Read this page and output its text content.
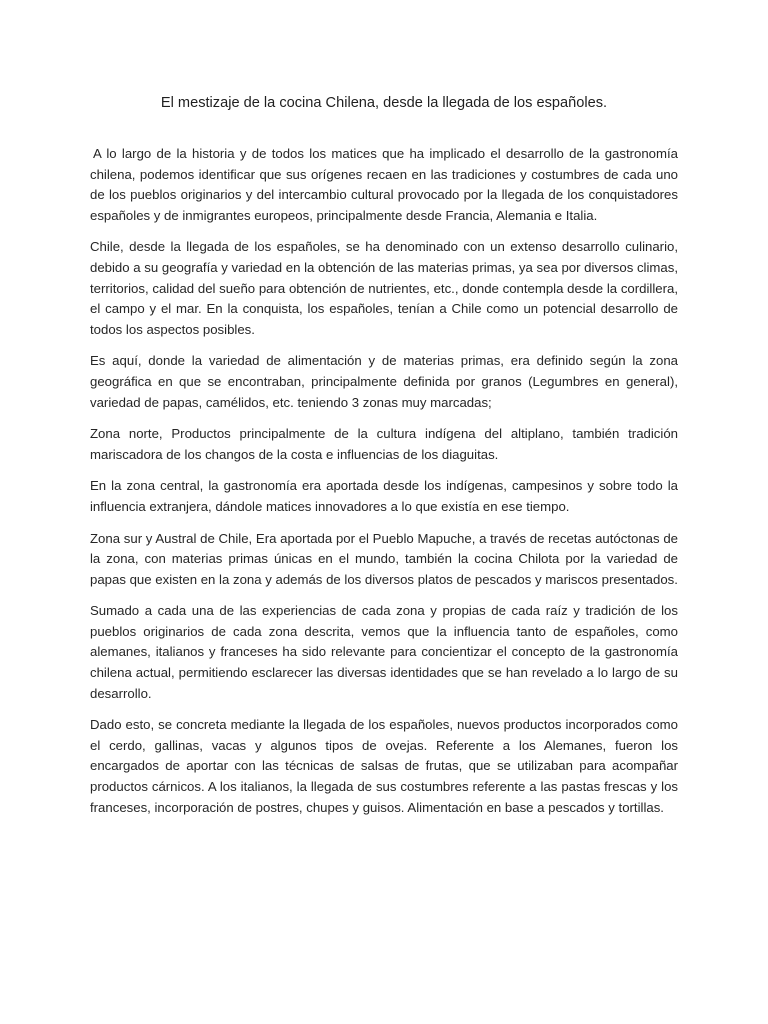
El mestizaje de la cocina Chilena, desde la llegada de los españoles.

A lo largo de la historia y de todos los matices que ha implicado el desarrollo de la gastronomía chilena, podemos identificar que sus orígenes recaen en las tradiciones y costumbres de cada uno de los pueblos originarios y del intercambio cultural provocado por la llegada de los conquistadores españoles y de inmigrantes europeos, principalmente desde Francia, Alemania e Italia.

Chile, desde la llegada de los españoles, se ha denominado con un extenso desarrollo culinario, debido a su geografía y variedad en la obtención de las materias primas, ya sea por diversos climas, territorios, calidad del sueño para obtención de nutrientes, etc., donde contempla desde la cordillera, el campo y el mar. En la conquista, los españoles, tenían a Chile como un potencial desarrollo de todos los aspectos posibles.

Es aquí, donde la variedad de alimentación y de materias primas, era definido según la zona geográfica en que se encontraban, principalmente definida por granos (Legumbres en general), variedad de papas, camélidos, etc. teniendo 3 zonas muy marcadas;

Zona norte, Productos principalmente de la cultura indígena del altiplano, también tradición mariscadora de los changos de la costa e influencias de los diaguitas.

En la zona central, la gastronomía era aportada desde los indígenas, campesinos y sobre todo la influencia extranjera, dándole matices innovadores a lo que existía en ese tiempo.

Zona sur y Austral de Chile, Era aportada por el Pueblo Mapuche, a través de recetas autóctonas de la zona, con materias primas únicas en el mundo, también la cocina Chilota por la variedad de papas que existen en la zona y además de los diversos platos de pescados y mariscos presentados.

Sumado a cada una de las experiencias de cada zona y propias de cada raíz y tradición de los pueblos originarios de cada zona descrita, vemos que la influencia tanto de españoles, como alemanes, italianos y franceses ha sido relevante para concientizar el concepto de la gastronomía chilena actual, permitiendo esclarecer las diversas identidades que se han revelado a lo largo de su desarrollo.

Dado esto, se concreta mediante la llegada de los españoles, nuevos productos incorporados como el cerdo, gallinas, vacas y algunos tipos de ovejas. Referente a los Alemanes, fueron los encargados de aportar con las técnicas de salsas de frutas, que se utilizaban para acompañar productos cárnicos. A los italianos, la llegada de sus costumbres referente a las pastas frescas y los franceses, incorporación de postres, chupes y guisos. Alimentación en base a pescados y tortillas.
